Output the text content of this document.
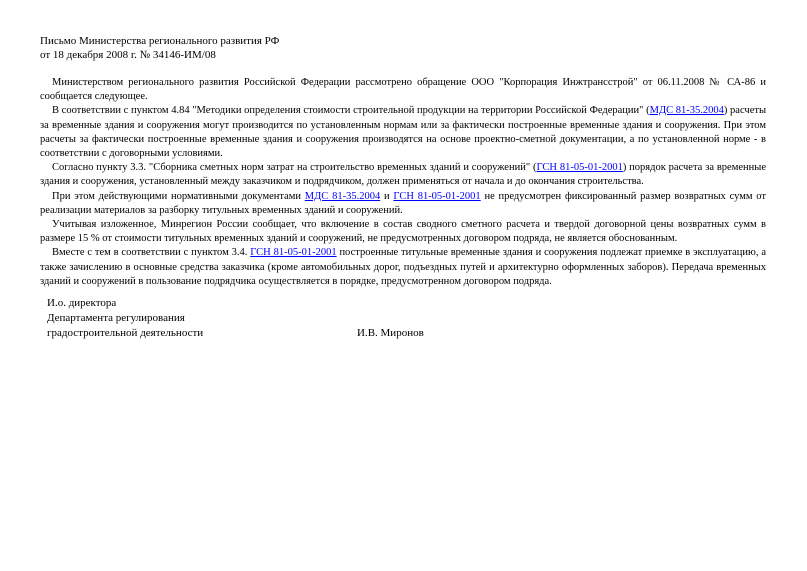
Письмо Министерства регионального развития РФ

от 18 декабря 2008 г. № 34146-ИМ/08

Министерством регионального развития Российской Федерации рассмотрено обращение ООО "Корпорация Инжтрансстрой" от 06.11.2008 № СА-86 и сообщается следующее.

В соответствии с пунктом 4.84 "Методики определения стоимости строительной продукции на территории Российской Федерации" (МДС 81-35.2004) расчеты за временные здания и сооружения могут производится по установленным нормам или за фактически построенные временные здания и сооружения. При этом расчеты за фактически построенные временные здания и сооружения производятся на основе проектно-сметной документации, а по установленной норме - в соответствии с договорными условиями.

Согласно пункту 3.3. "Сборника сметных норм затрат на строительство временных зданий и сооружений" (ГСН 81-05-01-2001) порядок расчета за временные здания и сооружения, установленный между заказчиком и подрядчиком, должен применяться от начала и до окончания строительства.

При этом действующими нормативными документами МДС 81-35.2004 и ГСН 81-05-01-2001 не предусмотрен фиксированный размер возвратных сумм от реализации материалов за разборку титульных временных зданий и сооружений.

Учитывая изложенное, Минрегион России сообщает, что включение в состав сводного сметного расчета и твердой договорной цены возвратных сумм в размере 15 % от стоимости титульных временных зданий и сооружений, не предусмотренных договором подряда, не является обоснованным.

Вместе с тем в соответствии с пунктом 3.4. ГСН 81-05-01-2001 построенные титульные временные здания и сооружения подлежат приемке в эксплуатацию, а также зачислению в основные средства заказчика (кроме автомобильных дорог, подъездных путей и архитектурно оформленных заборов). Передача временных зданий и сооружений в пользование подрядчика осуществляется в порядке, предусмотренном договором подряда.

И.о. директора

Департамента регулирования

градостроительной деятельности	И.В. Миронов
